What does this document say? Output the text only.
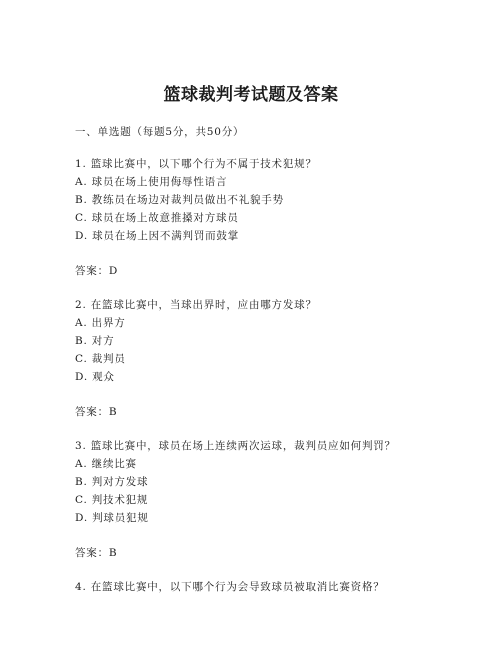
篮球裁判考试题及答案
一、单选题（每题5分，共50分）
1. 篮球比赛中，以下哪个行为不属于技术犯规？
A. 球员在场上使用侮辱性语言
B. 教练员在场边对裁判员做出不礼貌手势
C. 球员在场上故意推搡对方球员
D. 球员在场上因不满判罚而鼓掌
答案：D
2. 在篮球比赛中，当球出界时，应由哪方发球？
A. 出界方
B. 对方
C. 裁判员
D. 观众
答案：B
3. 篮球比赛中，球员在场上连续两次运球，裁判员应如何判罚？
A. 继续比赛
B. 判对方发球
C. 判技术犯规
D. 判球员犯规
答案：B
4. 在篮球比赛中，以下哪个行为会导致球员被取消比赛资格？
